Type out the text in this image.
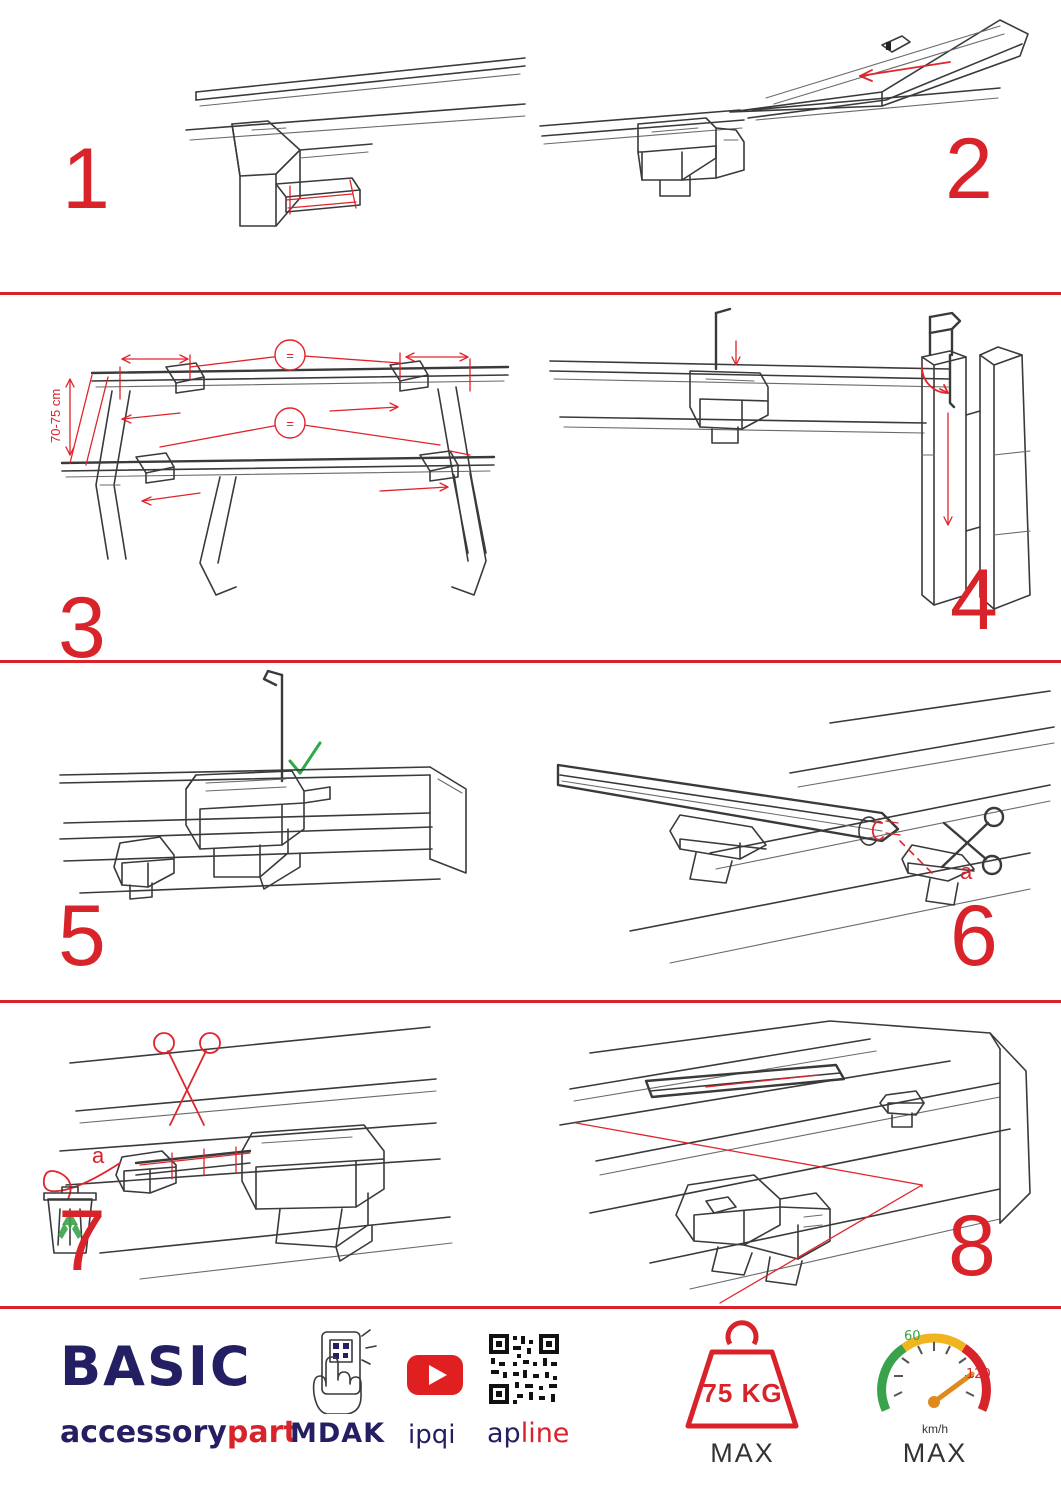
1	2
=
=
70-75 cm
3	4
5
a
6
a
7	8
BASIC
accessorypart
MDAK ipqi apline
75 KG
MAX
60
120
km/h
MAX
